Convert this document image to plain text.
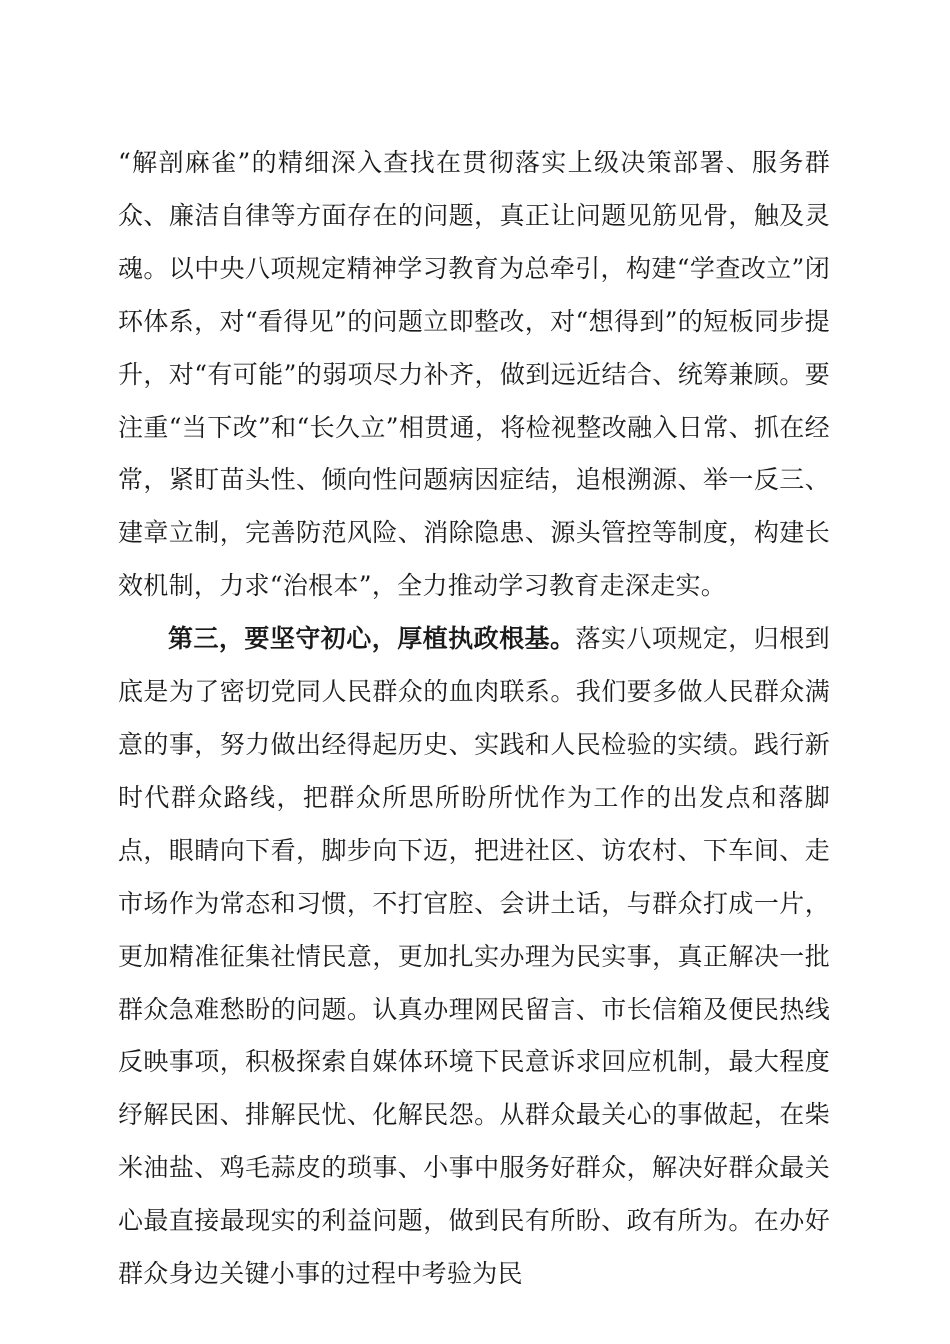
“解剖麻雀”的精细深入查找在贯彻落实上级决策部署、服务群众、廉洁自律等方面存在的问题，真正让问题见筋见骨，触及灵魂。以中央八项规定精神学习教育为总牵引，构建“学查改立”闭环体系，对“看得见”的问题立即整改，对“想得到”的短板同步提升，对“有可能”的弱项尽力补齐，做到远近结合、统筹兼顾。要注重“当下改”和“长久立”相贯通，将检视整改融入日常、抓在经常，紧盯苗头性、倾向性问题病因症结，追根溯源、举一反三、建章立制，完善防范风险、消除隐患、源头管控等制度，构建长效机制，力求“治根本”，全力推动学习教育走深走实。

第三，要坚守初心，厚植执政根基。落实八项规定，归根到底是为了密切党同人民群众的血肉联系。我们要多做人民群众满意的事，努力做出经得起历史、实践和人民检验的实绩。践行新时代群众路线，把群众所思所盼所忧作为工作的出发点和落脚点，眼睛向下看，脚步向下迈，把进社区、访农村、下车间、走市场作为常态和习惯，不打官腔、会讲土话，与群众打成一片，更加精准征集社情民意，更加扎实办理为民实事，真正解决一批群众急难愁盼的问题。认真办理网民留言、市长信箱及便民热线反映事项，积极探索自媒体环境下民意诉求回应机制，最大程度纾解民困、排解民忧、化解民怨。从群众最关心的事做起，在柴米油盐、鸡毛蒜皮的琐事、小事中服务好群众，解决好群众最关心最直接最现实的利益问题，做到民有所盼、政有所为。在办好群众身边关键小事的过程中考验为民
